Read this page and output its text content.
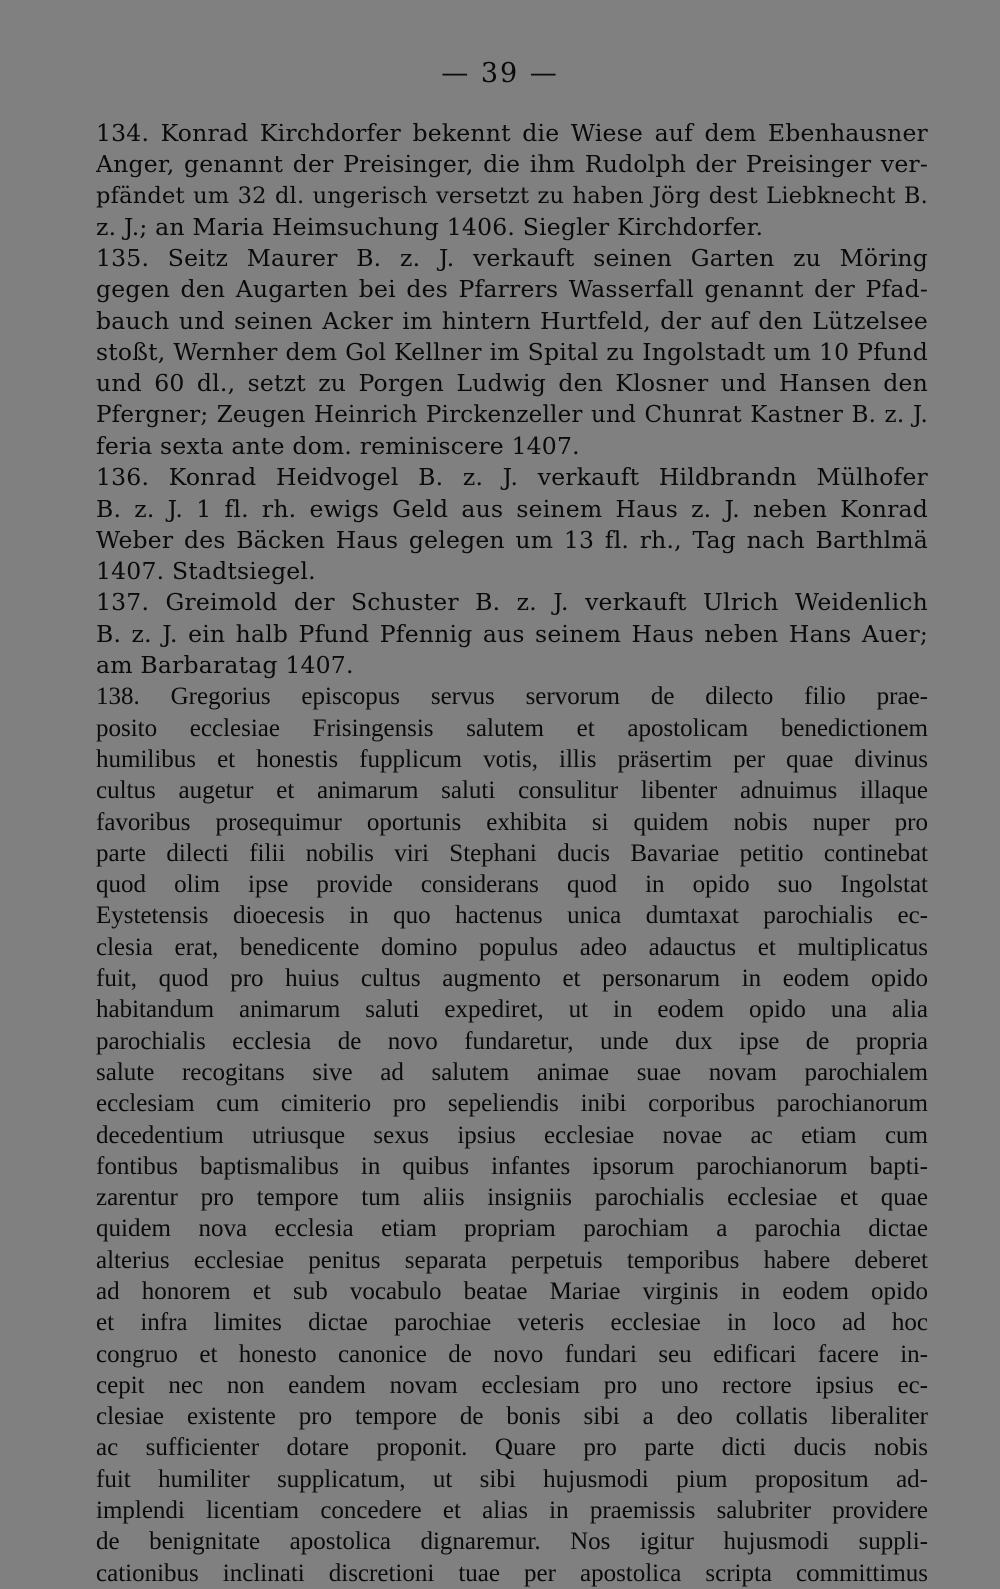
— 39 —
134. Konrad Kirchdorfer bekennt die Wiese auf dem Ebenhausner
Anger, genannt der Preisinger, die ihm Rudolph der Preisinger ver-
pfändet um 32 dl. ungerisch versetzt zu haben Jörg dest Liebknecht B.
z. J.; an Maria Heimsuchung 1406. Siegler Kirchdorfer.
135. Seitz Maurer B. z. J. verkauft seinen Garten zu Möring
gegen den Augarten bei des Pfarrers Wasserfall genannt der Pfad-
bauch und seinen Acker im hintern Hurtfeld, der auf den Lützelsee
stoßt, Wernher dem Gol Kellner im Spital zu Ingolstadt um 10 Pfund
und 60 dl., setzt zu Porgen Ludwig den Klosner und Hansen den
Pfergner; Zeugen Heinrich Pirckenzeller und Chunrat Kastner B. z. J.
feria sexta ante dom. reminiscere 1407.
136. Konrad Heidvogel B. z. J. verkauft Hildbrandn Mülhofer
B. z. J. 1 fl. rh. ewigs Geld aus seinem Haus z. J. neben Konrad
Weber des Bäcken Haus gelegen um 13 fl. rh., Tag nach Barthlmä
1407. Stadtsiegel.
137. Greimold der Schuster B. z. J. verkauft Ulrich Weidenlich
B. z. J. ein halb Pfund Pfennig aus seinem Haus neben Hans Auer;
am Barbaratag 1407.
138. Gregorius episcopus servus servorum de dilecto filio prae-
posito ecclesiae Frisingensis salutem et apostolicam benedictionem
humilibus et honestis fupplicum votis, illis präsertim per quae divinus
cultus augetur et animarum saluti consulitur libenter adnuimus illaque
favoribus prosequimur oportunis exhibita si quidem nobis nuper pro
parte dilecti filii nobilis viri Stephani ducis Bavariae petitio continebat
quod olim ipse provide considerans quod in opido suo Ingolstat
Eystetensis dioecesis in quo hactenus unica dumtaxat parochialis ec-
clesia erat, benedicente domino populus adeo adauctus et multiplicatus
fuit, quod pro huius cultus augmento et personarum in eodem opido
habitandum animarum saluti expediret, ut in eodem opido una alia
parochialis ecclesia de novo fundaretur, unde dux ipse de propria
salute recogitans sive ad salutem animae suae novam parochialem
ecclesiam cum cimiterio pro sepeliendis inibi corporibus parochianorum
decedentium utriusque sexus ipsius ecclesiae novae ac etiam cum
fontibus baptismalibus in quibus infantes ipsorum parochianorum bapti-
zarentur pro tempore tum aliis insigniis parochialis ecclesiae et quae
quidem nova ecclesia etiam propriam parochiam a parochia dictae
alterius ecclesiae penitus separata perpetuis temporibus habere deberet
ad honorem et sub vocabulo beatae Mariae virginis in eodem opido
et infra limites dictae parochiae veteris ecclesiae in loco ad hoc
congruo et honesto canonice de novo fundari seu edificari facere in-
cepit nec non eandem novam ecclesiam pro uno rectore ipsius ec-
clesiae existente pro tempore de bonis sibi a deo collatis liberaliter
ac sufficienter dotare proponit. Quare pro parte dicti ducis nobis
fuit humiliter supplicatum, ut sibi hujusmodi pium propositum ad-
implendi licentiam concedere et alias in praemissis salubriter providere
de benignitate apostolica dignaremur. Nos igitur hujusmodi suppli-
cationibus inclinati discretioni tuae per apostolica scripta committimus
